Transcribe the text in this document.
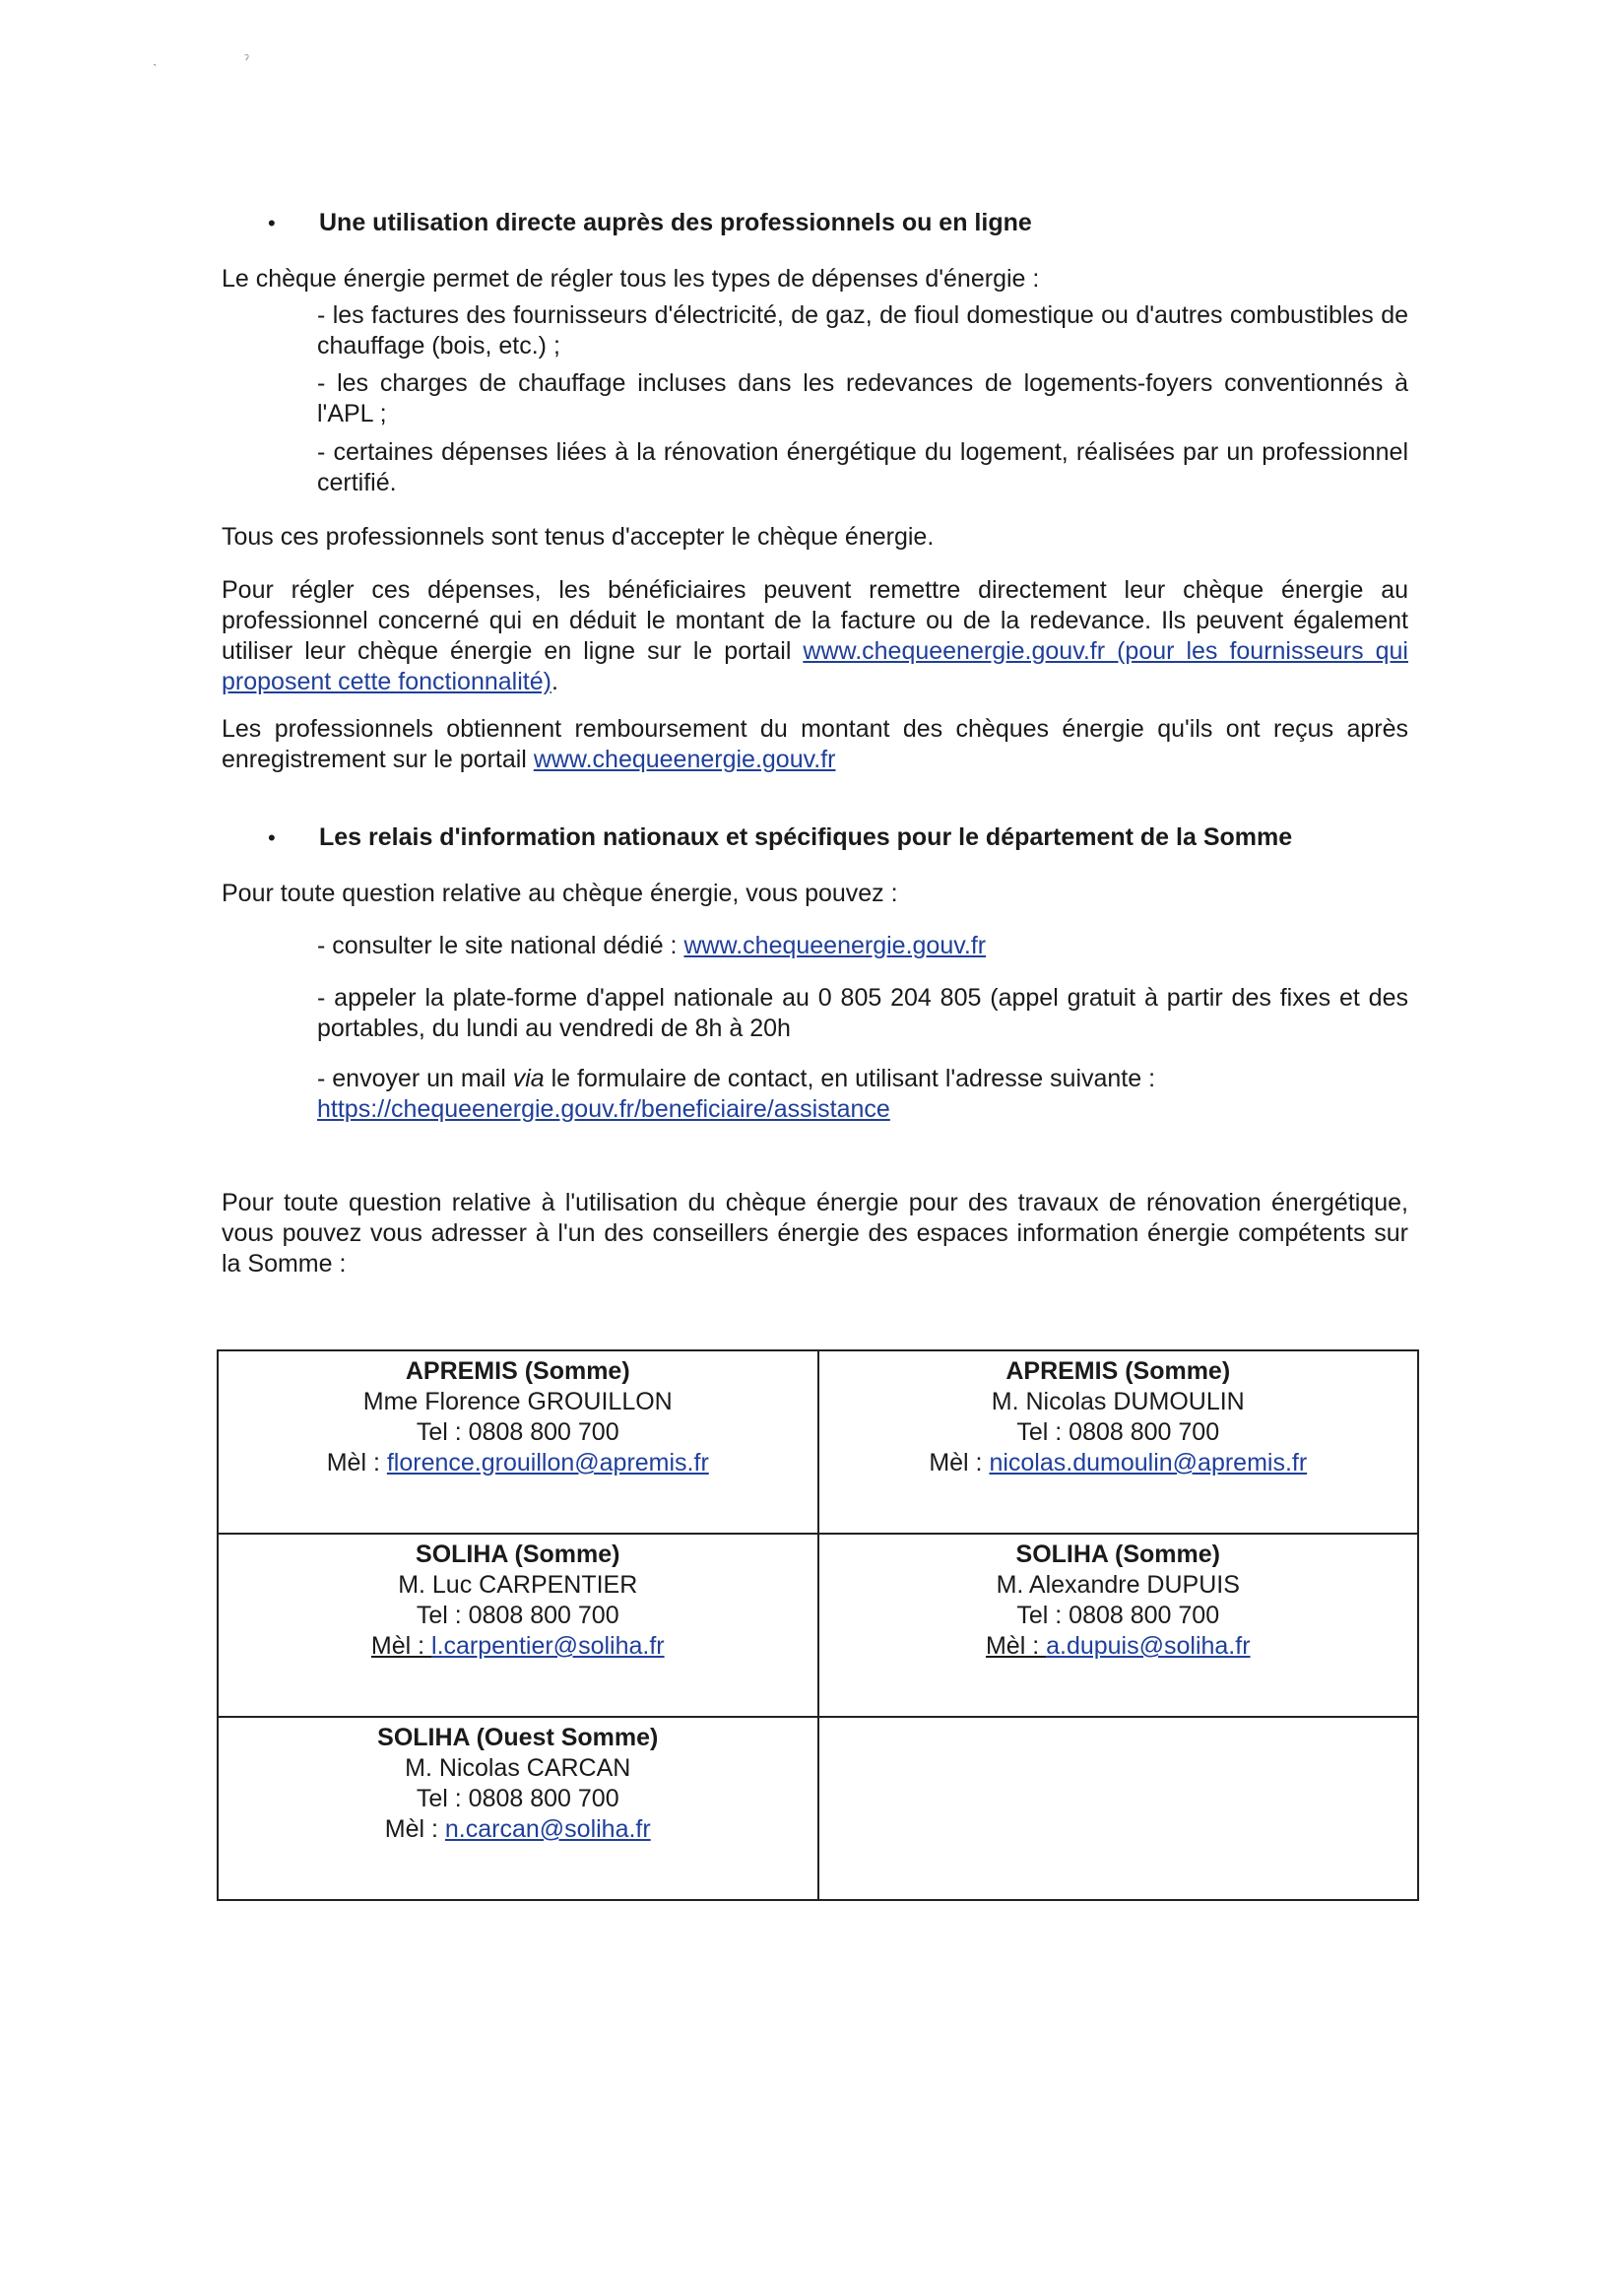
ˋ
ˀ
•	Une utilisation directe auprès des professionnels ou en ligne

Le chèque énergie permet de régler tous les types de dépenses d'énergie :

- les factures des fournisseurs d'électricité, de gaz, de fioul domestique ou d'autres combustibles de chauffage (bois, etc.) ;

- les charges de chauffage incluses dans les redevances de logements-foyers conventionnés à l'APL ;

- certaines dépenses liées à la rénovation énergétique du logement, réalisées par un professionnel certifié.

Tous ces professionnels sont tenus d'accepter le chèque énergie.

Pour régler ces dépenses, les bénéficiaires peuvent remettre directement leur chèque énergie au professionnel concerné qui en déduit le montant de la facture ou de la redevance. Ils peuvent également utiliser leur chèque énergie en ligne sur le portail www.chequeenergie.gouv.fr (pour les fournisseurs qui proposent cette fonctionnalité).

Les professionnels obtiennent remboursement du montant des chèques énergie qu'ils ont reçus après enregistrement sur le portail www.chequeenergie.gouv.fr

•	Les relais d'information nationaux et spécifiques pour le département de la Somme

Pour toute question relative au chèque énergie, vous pouvez :

- consulter le site national dédié : www.chequeenergie.gouv.fr

- appeler la plate-forme d'appel nationale au 0 805 204 805 (appel gratuit à partir des fixes et des portables, du lundi au vendredi de 8h à 20h

- envoyer un mail via le formulaire de contact, en utilisant l'adresse suivante :
https://chequeenergie.gouv.fr/beneficiaire/assistance

Pour toute question relative à l'utilisation du chèque énergie pour des travaux de rénovation énergétique, vous pouvez vous adresser à l'un des conseillers énergie des espaces information énergie compétents sur la Somme :

APREMIS (Somme)
Mme Florence GROUILLON
Tel : 0808 800 700
Mèl : florence.grouillon@apremis.fr	APREMIS (Somme)
M. Nicolas DUMOULIN
Tel : 0808 800 700
Mèl : nicolas.dumoulin@apremis.fr

SOLIHA (Somme)
M. Luc CARPENTIER
Tel : 0808 800 700
Mèl : l.carpentier@soliha.fr	SOLIHA (Somme)
M. Alexandre DUPUIS
Tel : 0808 800 700
Mèl : a.dupuis@soliha.fr

SOLIHA (Ouest Somme)
M. Nicolas CARCAN
Tel : 0808 800 700
Mèl : n.carcan@soliha.fr	
